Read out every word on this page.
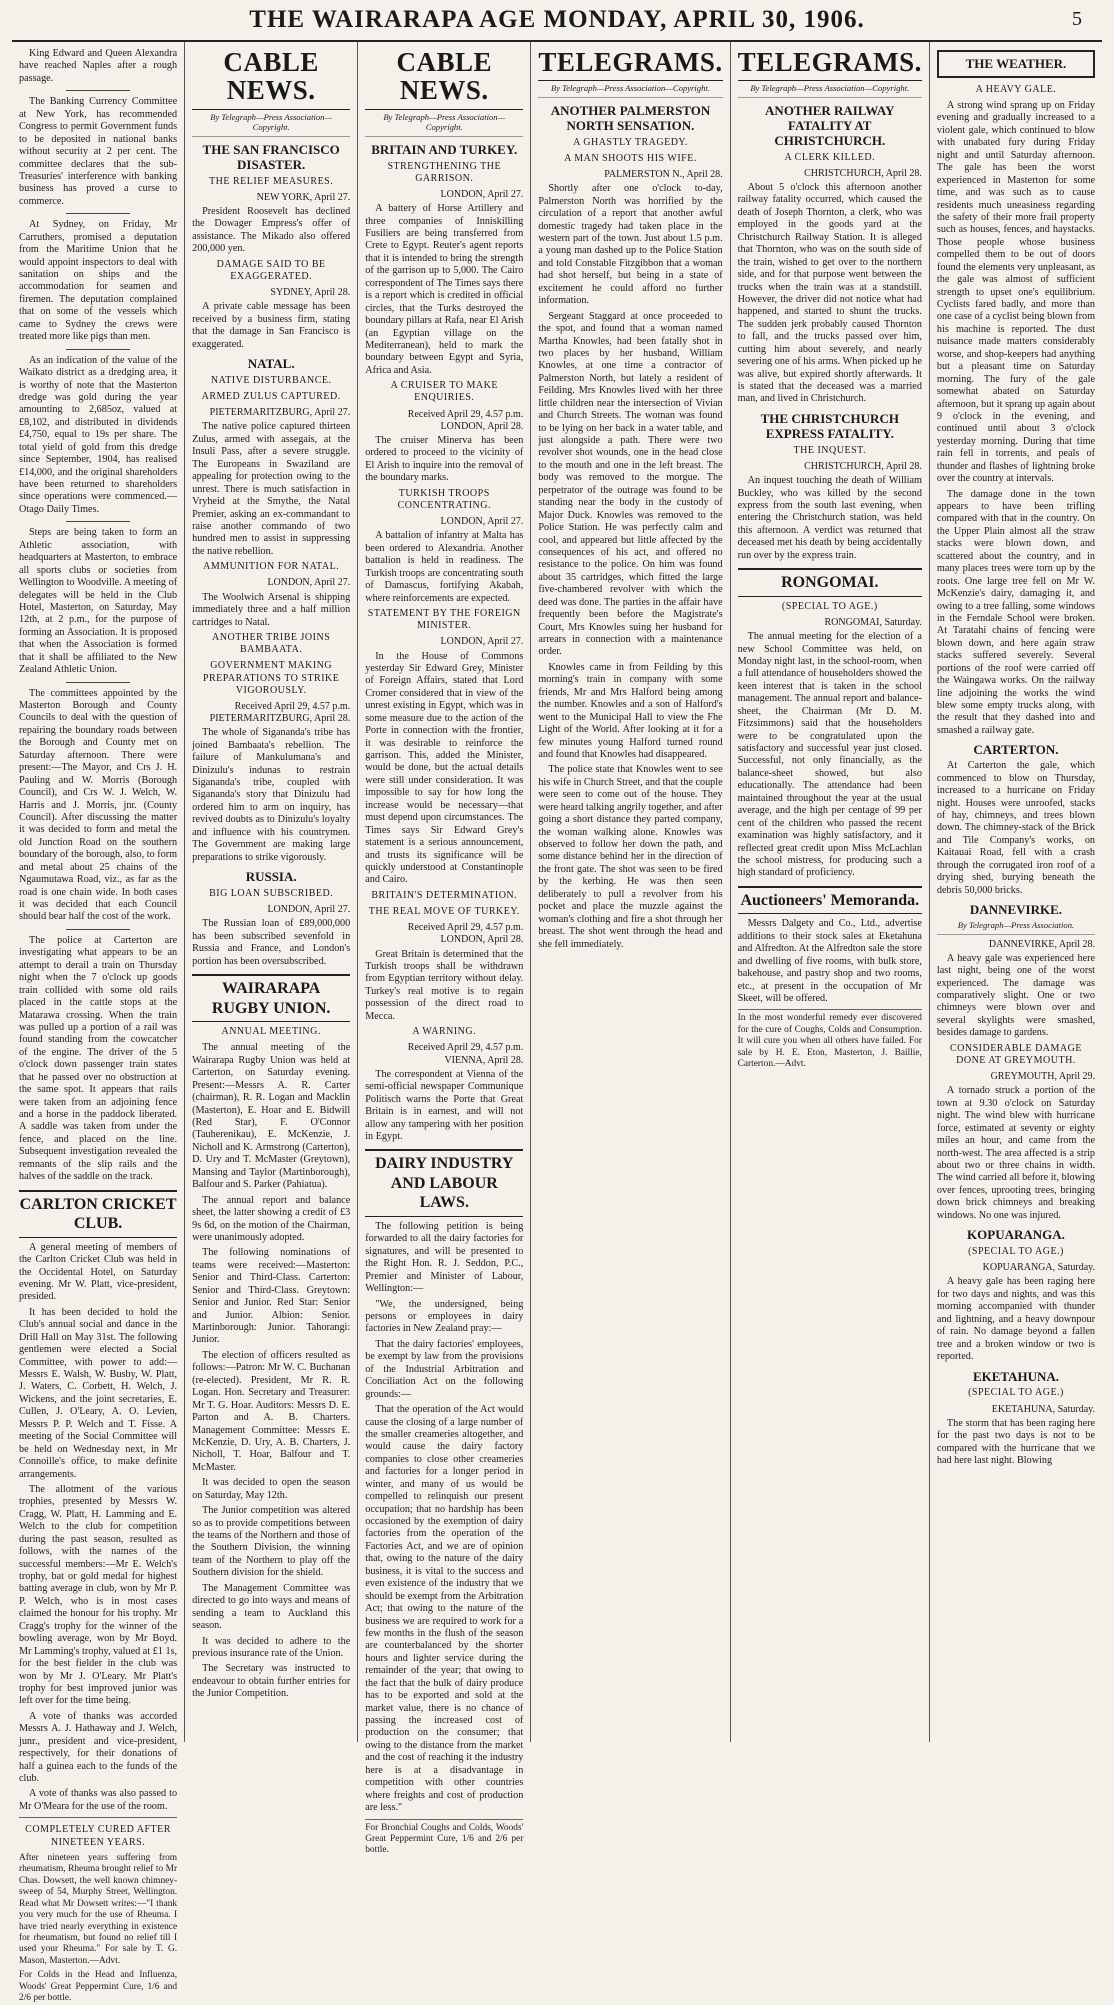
THE WAIRARAPA AGE MONDAY, APRIL 30, 1906.	5

King Edward and Queen Alexandra have reached Naples after a rough passage.

The Banking Currency Committee at New York, has recommended Congress to permit Government funds to be deposited in national banks without security at 2 per cent. The committee declares that the sub-Treasuries' interference with banking business has proved a curse to commerce.

At Sydney, on Friday, Mr Carruthers, promised a deputation from the Maritime Union that he would appoint inspectors to deal with sanitation on ships and the accommodation for seamen and firemen. The deputation complained that on some of the vessels which came to Sydney the crews were treated more like pigs than men.

As an indication of the value of the Waikato district as a dredging area, it is worthy of note that the Masterton dredge was gold during the year amounting to 2,685oz, valued at £8,102, and distributed in dividends £4,750, equal to 19s per share. The total yield of gold from this dredge since September, 1904, has realised £14,000, and the original shareholders have been returned to shareholders since operations were commenced.—Otago Daily Times.

Steps are being taken to form an Athletic association, with headquarters at Masterton, to embrace all sports clubs or societies from Wellington to Woodville. A meeting of delegates will be held in the Club Hotel, Masterton, on Saturday, May 12th, at 2 p.m., for the purpose of forming an Association. It is proposed that when the Association is formed that it shall be affiliated to the New Zealand Athletic Union.

The committees appointed by the Masterton Borough and County Councils to deal with the question of repairing the boundary roads between the Borough and County met on Saturday afternoon. There were present:—The Mayor, and Crs J. H. Pauling and W. Morris (Borough Council), and Crs W. J. Welch, W. Harris and J. Morris, jnr. (County Council). After discussing the matter it was decided to form and metal the old Junction Road on the southern boundary of the borough, also, to form and metal about 25 chains of the Ngaumutawa Road, viz., as far as the road is one chain wide. In both cases it was decided that each Council should bear half the cost of the work.

The police at Carterton are investigating what appears to be an attempt to derail a train on Thursday night when the 7 o'clock up goods train collided with some old rails placed in the cattle stops at the Matarawa crossing. When the train was pulled up a portion of a rail was found standing from the cowcatcher of the engine. The driver of the 5 o'clock down passenger train states that he passed over no obstruction at the same spot. It appears that rails were taken from an adjoining fence and a horse in the paddock liberated. A saddle was taken from under the fence, and placed on the line. Subsequent investigation revealed the remnants of the slip rails and the halves of the saddle on the track.

CARLTON CRICKET CLUB.

A general meeting of members of the Carlton Cricket Club was held in the Occidental Hotel, on Saturday evening. Mr W. Platt, vice-president, presided.

It has been decided to hold the Club's annual social and dance in the Drill Hall on May 31st. The following gentlemen were elected a Social Committee, with power to add:—Messrs E. Walsh, W. Busby, W. Platt, J. Waters, C. Corbett, H. Welch, J. Wickens, and the joint secretaries, E. Cullen, J. O'Leary, A. O. Levien, Messrs P. P. Welch and T. Fisse. A meeting of the Social Committee will be held on Wednesday next, in Mr Connoille's office, to make definite arrangements.

The allotment of the various trophies, presented by Messrs W. Cragg, W. Platt, H. Lamming and E. Welch to the club for competition during the past season, resulted as follows, with the names of the successful members:—Mr E. Welch's trophy, bat or gold medal for highest batting average in club, won by Mr P. P. Welch, who is in most cases claimed the honour for his trophy. Mr Cragg's trophy for the winner of the bowling average, won by Mr Boyd. Mr Lamming's trophy, valued at £1 1s, for the best fielder in the club was won by Mr J. O'Leary. Mr Platt's trophy for best improved junior was left over for the time being.

A vote of thanks was accorded Messrs A. J. Hathaway and J. Welch, junr., president and vice-president, respectively, for their donations of half a guinea each to the funds of the club.

A vote of thanks was also passed to Mr O'Meara for the use of the room.

COMPLETELY CURED AFTER NINETEEN YEARS.

After nineteen years suffering from rheumatism, Rheuma brought relief to Mr Chas. Dowsett, the well known chimney-sweep of 54, Murphy Street, Wellington. Read what Mr Dowsett writes:—"I thank you very much for the use of Rheuma. I have tried nearly everything in existence for rheumatism, but found no relief till I used your Rheuma." For sale by T. G. Mason, Masterton.—Advt.

For Colds in the Head and Influenza, Woods' Great Peppermint Cure, 1/6 and 2/6 per bottle.

CABLE NEWS.
By Telegraph—Press Association—Copyright.
THE SAN FRANCISCO DISASTER.
THE RELIEF MEASURES.
NEW YORK, April 27.

President Roosevelt has declined the Dowager Empress's offer of assistance. The Mikado also offered 200,000 yen.

DAMAGE SAID TO BE EXAGGERATED.
SYDNEY, April 28.

A private cable message has been received by a business firm, stating that the damage in San Francisco is exaggerated.

NATAL.
NATIVE DISTURBANCE.
ARMED ZULUS CAPTURED.
PIETERMARITZBURG, April 27.

The native police captured thirteen Zulus, armed with assegais, at the Insuli Pass, after a severe struggle. The Europeans in Swaziland are appealing for protection owing to the unrest. There is much satisfaction in Vryheid at the Smythe, the Natal Premier, asking an ex-commandant to raise another commando of two hundred men to assist in suppressing the native rebellion.

AMMUNITION FOR NATAL.
LONDON, April 27.

The Woolwich Arsenal is shipping immediately three and a half million cartridges to Natal.

ANOTHER TRIBE JOINS BAMBAATA.
GOVERNMENT MAKING PREPARATIONS TO STRIKE VIGOROUSLY.
Received April 29, 4.57 p.m. PIETERMARITZBURG, April 28.

The whole of Sigananda's tribe has joined Bambaata's rebellion. The failure of Mankulumana's and Dinizulu's indunas to restrain Sigananda's tribe, coupled with Sigananda's story that Dinizulu had ordered him to arm on inquiry, has revived doubts as to Dinizulu's loyalty and influence with his countrymen. The Government are making large preparations to strike vigorously.

RUSSIA.
BIG LOAN SUBSCRIBED.
LONDON, April 27.

The Russian loan of £89,000,000 has been subscribed sevenfold in Russia and France, and London's portion has been oversubscribed.

WAIRARAPA RUGBY UNION.
ANNUAL MEETING.

The annual meeting of the Wairarapa Rugby Union was held at Carterton, on Saturday evening. Present:—Messrs A. R. Carter (chairman), R. R. Logan and Macklin (Masterton), E. Hoar and E. Bidwill (Red Star), F. O'Connor (Tauherenikau), E. McKenzie, J. Nicholl and K. Armstrong (Carterton), D. Ury and T. McMaster (Greytown), Mansing and Taylor (Martinborough), Balfour and S. Parker (Pahiatua).

The annual report and balance sheet, the latter showing a credit of £3 9s 6d, on the motion of the Chairman, were unanimously adopted.

The following nominations of teams were received:—Masterton: Senior and Third-Class. Carterton: Senior and Third-Class. Greytown: Senior and Junior. Red Star: Senior and Junior. Albion: Senior. Martinborough: Junior. Tahorangi: Junior.

The election of officers resulted as follows:—Patron: Mr W. C. Buchanan (re-elected). President, Mr R. R. Logan. Hon. Secretary and Treasurer: Mr T. G. Hoar. Auditors: Messrs D. E. Parton and A. B. Charters. Management Committee: Messrs E. McKenzie, D. Ury, A. B. Charters, J. Nicholl, T. Hoar, Balfour and T. McMaster.

It was decided to open the season on Saturday, May 12th.

The Junior competition was altered so as to provide competitions between the teams of the Northern and those of the Southern Division, the winning team of the Northern to play off the Southern division for the shield.

The Management Committee was directed to go into ways and means of sending a team to Auckland this season.

It was decided to adhere to the previous insurance rate of the Union.

The Secretary was instructed to endeavour to obtain further entries for the Junior Competition.

CABLE NEWS.
By Telegraph—Press Association—Copyright.
BRITAIN AND TURKEY.
STRENGTHENING THE GARRISON.
LONDON, April 27.

A battery of Horse Artillery and three companies of Inniskilling Fusiliers are being transferred from Crete to Egypt. Reuter's agent reports that it is intended to bring the strength of the garrison up to 5,000. The Cairo correspondent of The Times says there is a report which is credited in official circles, that the Turks destroyed the boundary pillars at Rafa, near El Arish (an Egyptian village on the Mediterranean), held to mark the boundary between Egypt and Syria, Africa and Asia.

A CRUISER TO MAKE ENQUIRIES.
Received April 29, 4.57 p.m. LONDON, April 28.

The cruiser Minerva has been ordered to proceed to the vicinity of El Arish to inquire into the removal of the boundary marks.

TURKISH TROOPS CONCENTRATING.
LONDON, April 27.

A battalion of infantry at Malta has been ordered to Alexandria. Another battalion is held in readiness. The Turkish troops are concentrating south of Damascus, fortifying Akabah, where reinforcements are expected.

STATEMENT BY THE FOREIGN MINISTER.
LONDON, April 27.

In the House of Commons yesterday Sir Edward Grey, Minister of Foreign Affairs, stated that Lord Cromer considered that in view of the unrest existing in Egypt, which was in some measure due to the action of the Porte in connection with the frontier, it was desirable to reinforce the garrison. This, added the Minister, would be done, but the actual details were still under consideration. It was impossible to say for how long the increase would be necessary—that must depend upon circumstances. The Times says Sir Edward Grey's statement is a serious announcement, and trusts its significance will be quickly understood at Constantinople and Cairo.

BRITAIN'S DETERMINATION.
THE REAL MOVE OF TURKEY.
Received April 29, 4.57 p.m. LONDON, April 28.

Great Britain is determined that the Turkish troops shall be withdrawn from Egyptian territory without delay. Turkey's real motive is to regain possession of the direct road to Mecca.

A WARNING.
Received April 29, 4.57 p.m. VIENNA, April 28.

The correspondent at Vienna of the semi-official newspaper Communique Politisch warns the Porte that Great Britain is in earnest, and will not allow any tampering with her position in Egypt.

DAIRY INDUSTRY AND LABOUR LAWS.

The following petition is being forwarded to all the dairy factories for signatures, and will be presented to the Right Hon. R. J. Seddon, P.C., Premier and Minister of Labour, Wellington:—

"We, the undersigned, being persons or employees in dairy factories in New Zealand pray:—

That the dairy factories' employees, be exempt by law from the provisions of the Industrial Arbitration and Conciliation Act on the following grounds:—

That the operation of the Act would cause the closing of a large number of the smaller creameries altogether, and would cause the dairy factory companies to close other creameries and factories for a longer period in winter, and many of us would be compelled to relinquish our present occupation; that no hardship has been occasioned by the exemption of dairy factories from the operation of the Factories Act, and we are of opinion that, owing to the nature of the dairy business, it is vital to the success and even existence of the industry that we should be exempt from the Arbitration Act; that owing to the nature of the business we are required to work for a few months in the flush of the season are counterbalanced by the shorter hours and lighter service during the remainder of the year; that owing to the fact that the bulk of dairy produce has to be exported and sold at the market value, there is no chance of passing the increased cost of production on the consumer; that owing to the distance from the market and the cost of reaching it the industry here is at a disadvantage in competition with other countries where freights and cost of production are less."

For Bronchial Coughs and Colds, Woods' Great Peppermint Cure, 1/6 and 2/6 per bottle.

TELEGRAMS.
By Telegraph—Press Association—Copyright.
ANOTHER PALMERSTON NORTH SENSATION.
A GHASTLY TRAGEDY.
A MAN SHOOTS HIS WIFE.
PALMERSTON N., April 28.

Shortly after one o'clock to-day, Palmerston North was horrified by the circulation of a report that another awful domestic tragedy had taken place in the western part of the town. Just about 1.5 p.m. a young man dashed up to the Police Station and told Constable Fitzgibbon that a woman had shot herself, but being in a state of excitement he could afford no further information.

Sergeant Staggard at once proceeded to the spot, and found that a woman named Martha Knowles, had been fatally shot in two places by her husband, William Knowles, at one time a contractor of Palmerston North, but lately a resident of Feilding. Mrs Knowles lived with her three little children near the intersection of Vivian and Church Streets. The woman was found to be lying on her back in a water table, and just alongside a path. There were two revolver shot wounds, one in the head close to the mouth and one in the left breast. The body was removed to the morgue. The perpetrator of the outrage was found to be standing near the body in the custody of Major Duck. Knowles was removed to the Police Station. He was perfectly calm and cool, and appeared but little affected by the consequences of his act, and offered no resistance to the police. On him was found about 35 cartridges, which fitted the large five-chambered revolver with which the deed was done. The parties in the affair have frequently been before the Magistrate's Court, Mrs Knowles suing her husband for arrears in connection with a maintenance order.

Knowles came in from Feilding by this morning's train in company with some friends, Mr and Mrs Halford being among the number. Knowles and a son of Halford's went to the Municipal Hall to view the Fhe Light of the World. After looking at it for a few minutes young Halford turned round and found that Knowles had disappeared.

The police state that Knowles went to see his wife in Church Street, and that the couple were seen to come out of the house. They were heard talking angrily together, and after going a short distance they parted company, the woman walking alone. Knowles was observed to follow her down the path, and some distance behind her in the direction of the front gate. The shot was seen to be fired by the kerbing. He was then seen deliberately to pull a revolver from his pocket and place the muzzle against the woman's clothing and fire a shot through her breast. The shot went through the head and she fell immediately.

TELEGRAMS.
By Telegraph—Press Association—Copyright.
ANOTHER RAILWAY FATALITY AT CHRISTCHURCH.
A CLERK KILLED.
CHRISTCHURCH, April 28.

About 5 o'clock this afternoon another railway fatality occurred, which caused the death of Joseph Thornton, a clerk, who was employed in the goods yard at the Christchurch Railway Station. It is alleged that Thornton, who was on the south side of the train, wished to get over to the northern side, and for that purpose went between the trucks when the train was at a standstill. However, the driver did not notice what had happened, and started to shunt the trucks. The sudden jerk probably caused Thornton to fall, and the trucks passed over him, cutting him about severely, and nearly severing one of his arms. When picked up he was alive, but expired shortly afterwards. It is stated that the deceased was a married man, and lived in Christchurch.

THE CHRISTCHURCH EXPRESS FATALITY.
THE INQUEST.
CHRISTCHURCH, April 28.

An inquest touching the death of William Buckley, who was killed by the second express from the south last evening, when entering the Christchurch station, was held this afternoon. A verdict was returned that deceased met his death by being accidentally run over by the express train.

RONGOMAI.
(SPECIAL TO AGE.)
RONGOMAI, Saturday.

The annual meeting for the election of a new School Committee was held, on Monday night last, in the school-room, when a full attendance of householders showed the keen interest that is taken in the school management. The annual report and balance-sheet, the Chairman (Mr D. M. Fitzsimmons) said that the householders were to be congratulated upon the satisfactory and successful year just closed. Successful, not only financially, as the balance-sheet showed, but also educationally. The attendance had been maintained throughout the year at the usual average, and the high per centage of 99 per cent of the children who passed the recent examination was highly satisfactory, and it reflected great credit upon Miss McLachlan the school mistress, for producing such a high standard of proficiency.

Auctioneers' Memoranda.

Messrs Dalgety and Co., Ltd., advertise additions to their stock sales at Eketahuna and Alfredton. At the Alfredton sale the store and dwelling of five rooms, with bulk store, bakehouse, and pastry shop and two rooms, etc., at present in the occupation of Mr Skeet, will be offered.

In the most wonderful remedy ever discovered for the cure of Coughs, Colds and Consumption. It will cure you when all others have failed. For sale by H. E. Eton, Masterton, J. Baillie, Carterton.—Advt.

THE WEATHER.
A HEAVY GALE.

A strong wind sprang up on Friday evening and gradually increased to a violent gale, which continued to blow with unabated fury during Friday night and until Saturday afternoon. The gale has been the worst experienced in Masterton for some time, and was such as to cause residents much uneasiness regarding the safety of their more frail property such as houses, fences, and haystacks. Those people whose business compelled them to be out of doors found the elements very unpleasant, as the gale was almost of sufficient strength to upset one's equilibrium. Cyclists fared badly, and more than one case of a cyclist being blown from his machine is reported. The dust nuisance made matters considerably worse, and shop-keepers had anything but a pleasant time on Saturday morning. The fury of the gale somewhat abated on Saturday afternoon, but it sprang up again about 9 o'clock in the evening, and continued until about 3 o'clock yesterday morning. During that time rain fell in torrents, and peals of thunder and flashes of lightning broke over the country at intervals.

The damage done in the town appears to have been trifling compared with that in the country. On the Upper Plain almost all the straw stacks were blown down, and scattered about the country, and in many places trees were torn up by the roots. One large tree fell on Mr W. McKenzie's dairy, damaging it, and owing to a tree falling, some windows in the Ferndale School were broken. At Taratahi chains of fencing were blown down, and here again straw stacks suffered severely. Several portions of the roof were carried off the Waingawa works. On the railway line adjoining the works the wind blew some empty trucks along, with the result that they dashed into and smashed a railway gate.

CARTERTON.

At Carterton the gale, which commenced to blow on Thursday, increased to a hurricane on Friday night. Houses were unroofed, stacks of hay, chimneys, and trees blown down. The chimney-stack of the Brick and Tile Company's works, on Kaitauai Road, fell with a crash through the corrugated iron roof of a drying shed, burying beneath the debris 50,000 bricks.

DANNEVIRKE.
By Telegraph—Press Association.
DANNEVIRKE, April 28.

A heavy gale was experienced here last night, being one of the worst experienced. The damage was comparatively slight. One or two chimneys were blown over and several skylights were smashed, besides damage to gardens.

CONSIDERABLE DAMAGE DONE AT GREYMOUTH.
GREYMOUTH, April 29.

A tornado struck a portion of the town at 9.30 o'clock on Saturday night. The wind blew with hurricane force, estimated at seventy or eighty miles an hour, and came from the north-west. The area affected is a strip about two or three chains in width. The wind carried all before it, blowing over fences, uprooting trees, bringing down brick chimneys and breaking windows. No one was injured.

KOPUARANGA.
(SPECIAL TO AGE.)
KOPUARANGA, Saturday.

A heavy gale has been raging here for two days and nights, and was this morning accompanied with thunder and lightning, and a heavy downpour of rain. No damage beyond a fallen tree and a broken window or two is reported.

EKETAHUNA.
(SPECIAL TO AGE.)
EKETAHUNA, Saturday.

The storm that has been raging here for the past two days is not to be compared with the hurricane that we had here last night. Blowing
